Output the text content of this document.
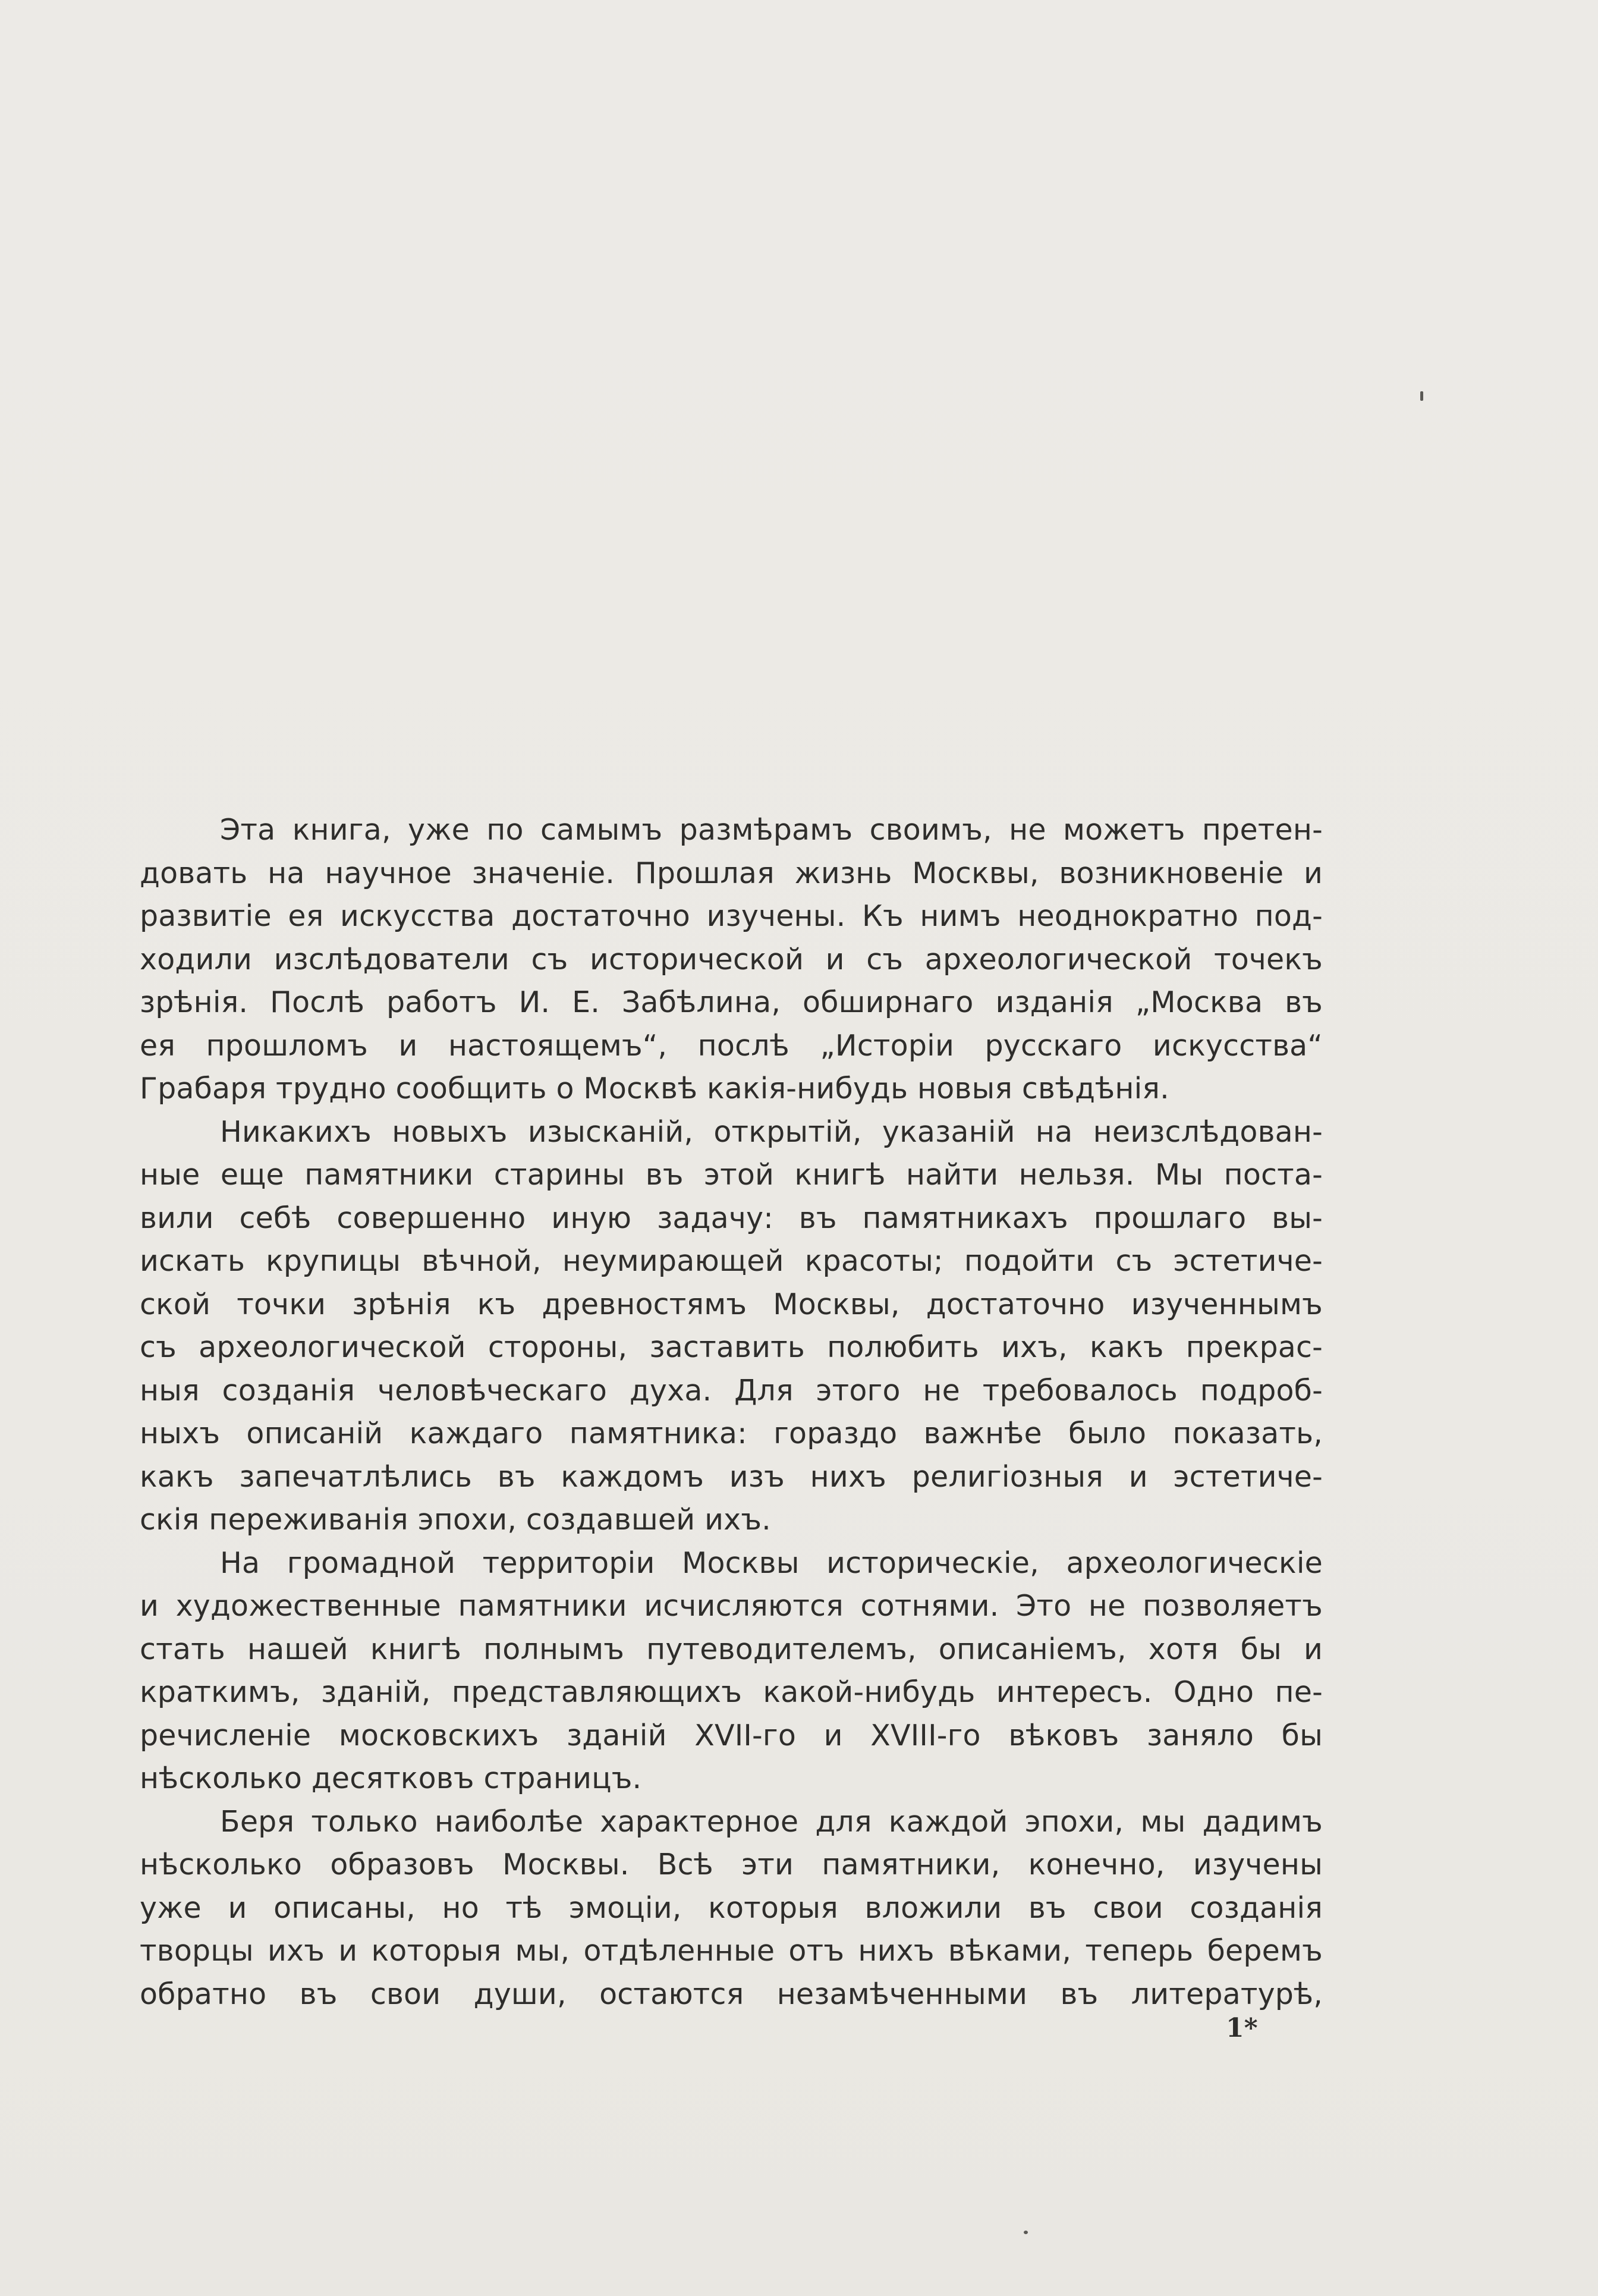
Эта книга, уже по самымъ размѣрамъ своимъ, не можетъ претен-
довать на научное значенiе. Прошлая жизнь Москвы, возникновенiе и
развитiе ея искусства достаточно изучены. Къ нимъ неоднократно под-
ходили изслѣдователи съ исторической и съ археологической точекъ
зрѣнiя. Послѣ работъ И. Е. Забѣлина, обширнаго изданiя „Москва въ
ея прошломъ и настоящемъ“, послѣ „Исторiи русскаго искусства“
Грабаря трудно сообщить о Москвѣ какiя-нибудь новыя свѣдѣнiя.
Никакихъ новыхъ изысканiй, открытiй, указанiй на неизслѣдован-
ные еще памятники старины въ этой книгѣ найти нельзя. Мы поста-
вили себѣ совершенно иную задачу: въ памятникахъ прошлаго вы-
искать крупицы вѣчной, неумирающей красоты; подойти съ эстетиче-
ской точки зрѣнiя къ древностямъ Москвы, достаточно изученнымъ
съ археологической стороны, заставить полюбить ихъ, какъ прекрас-
ныя созданiя человѣческаго духа. Для этого не требовалось подроб-
ныхъ описанiй каждаго памятника: гораздо важнѣе было показать,
какъ запечатлѣлись въ каждомъ изъ нихъ религiозныя и эстетиче-
скiя переживанiя эпохи, создавшей ихъ.
На громадной территорiи Москвы историческiе, археологическiе
и художественные памятники исчисляются сотнями. Это не позволяетъ
стать нашей книгѣ полнымъ путеводителемъ, описанiемъ, хотя бы и
краткимъ, зданiй, представляющихъ какой-нибудь интересъ. Одно пе-
речисленiе московскихъ зданiй XVII-го и XVIII-го вѣковъ заняло бы
нѣсколько десятковъ страницъ.
Беря только наиболѣе характерное для каждой эпохи, мы дадимъ
нѣсколько образовъ Москвы. Всѣ эти памятники, конечно, изучены
уже и описаны, но тѣ эмоцiи, которыя вложили въ свои созданiя
творцы ихъ и которыя мы, отдѣленные отъ нихъ вѣками, теперь беремъ
обратно въ свои души, остаются незамѣченными въ литературѣ,
1*
